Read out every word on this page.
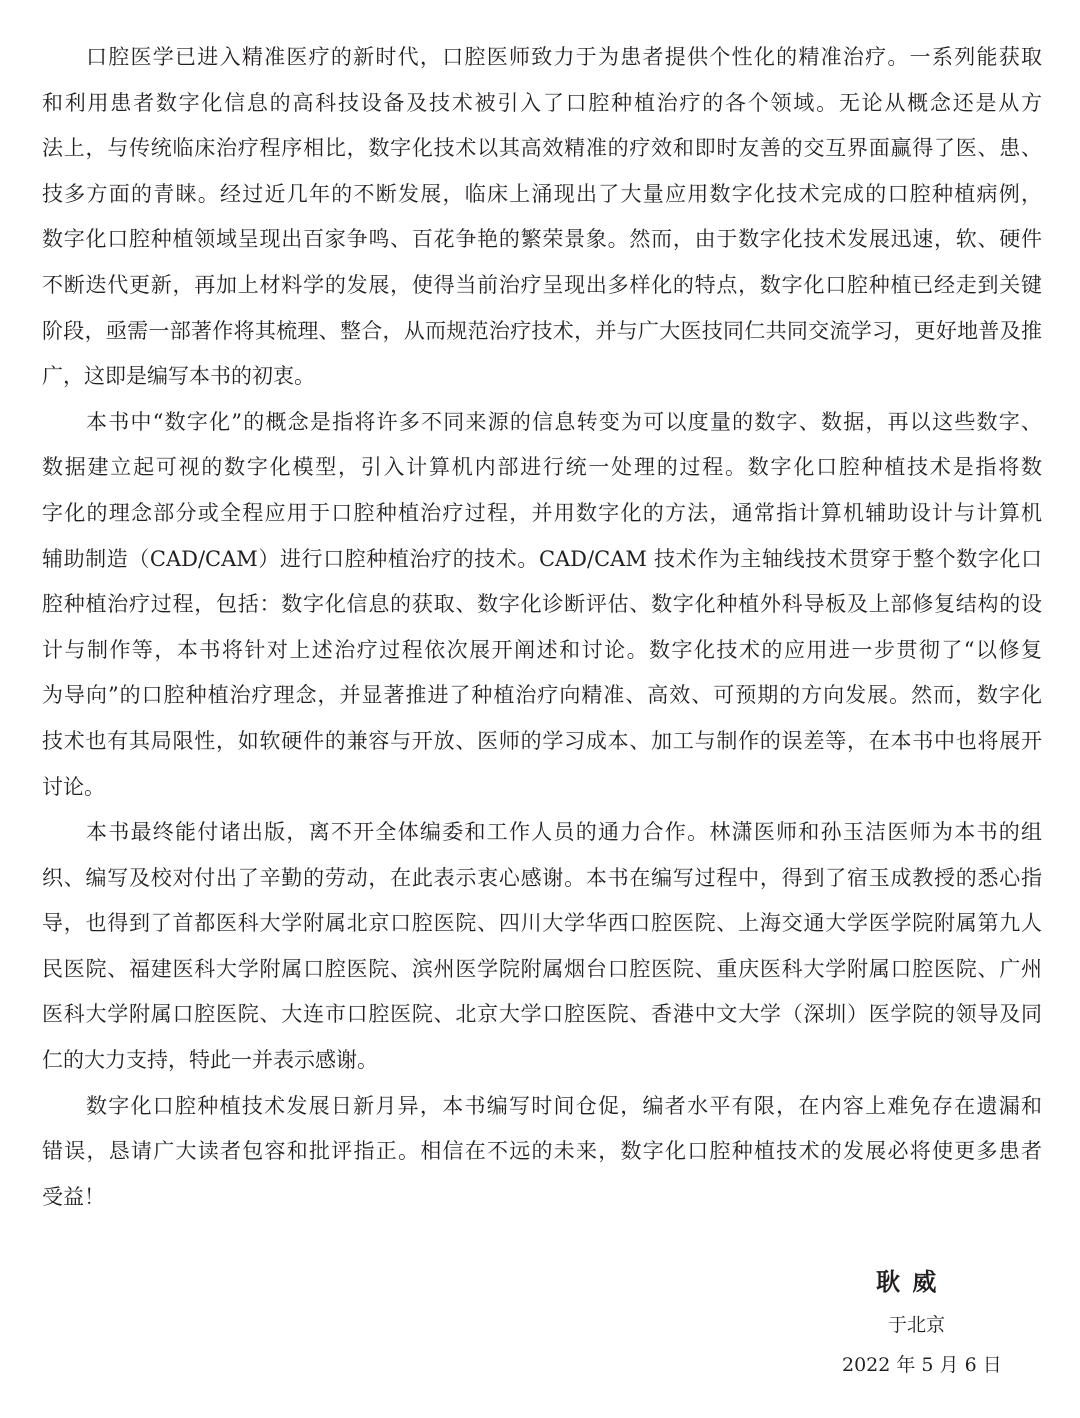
口腔医学已进入精准医疗的新时代，口腔医师致力于为患者提供个性化的精准治疗。一系列能获取
和利用患者数字化信息的高科技设备及技术被引入了口腔种植治疗的各个领域。无论从概念还是从方
法上，与传统临床治疗程序相比，数字化技术以其高效精准的疗效和即时友善的交互界面赢得了医、患、
技多方面的青睐。经过近几年的不断发展，临床上涌现出了大量应用数字化技术完成的口腔种植病例，
数字化口腔种植领域呈现出百家争鸣、百花争艳的繁荣景象。然而，由于数字化技术发展迅速，软、硬件
不断迭代更新，再加上材料学的发展，使得当前治疗呈现出多样化的特点，数字化口腔种植已经走到关键
阶段，亟需一部著作将其梳理、整合，从而规范治疗技术，并与广大医技同仁共同交流学习，更好地普及推
广，这即是编写本书的初衷。
本书中“数字化”的概念是指将许多不同来源的信息转变为可以度量的数字、数据，再以这些数字、
数据建立起可视的数字化模型，引入计算机内部进行统一处理的过程。数字化口腔种植技术是指将数
字化的理念部分或全程应用于口腔种植治疗过程，并用数字化的方法，通常指计算机辅助设计与计算机
辅助制造（CAD/CAM）进行口腔种植治疗的技术。CAD/CAM 技术作为主轴线技术贯穿于整个数字化口
腔种植治疗过程，包括：数字化信息的获取、数字化诊断评估、数字化种植外科导板及上部修复结构的设
计与制作等，本书将针对上述治疗过程依次展开阐述和讨论。数字化技术的应用进一步贯彻了“以修复
为导向”的口腔种植治疗理念，并显著推进了种植治疗向精准、高效、可预期的方向发展。然而，数字化
技术也有其局限性，如软硬件的兼容与开放、医师的学习成本、加工与制作的误差等，在本书中也将展开
讨论。
本书最终能付诸出版，离不开全体编委和工作人员的通力合作。林潇医师和孙玉洁医师为本书的组
织、编写及校对付出了辛勤的劳动，在此表示衷心感谢。本书在编写过程中，得到了宿玉成教授的悉心指
导，也得到了首都医科大学附属北京口腔医院、四川大学华西口腔医院、上海交通大学医学院附属第九人
民医院、福建医科大学附属口腔医院、滨州医学院附属烟台口腔医院、重庆医科大学附属口腔医院、广州
医科大学附属口腔医院、大连市口腔医院、北京大学口腔医院、香港中文大学（深圳）医学院的领导及同
仁的大力支持，特此一并表示感谢。
数字化口腔种植技术发展日新月异，本书编写时间仓促，编者水平有限，在内容上难免存在遗漏和
错误，恳请广大读者包容和批评指正。相信在不远的未来，数字化口腔种植技术的发展必将使更多患者
受益！
耿 威
于北京
2022 年 5 月 6 日
